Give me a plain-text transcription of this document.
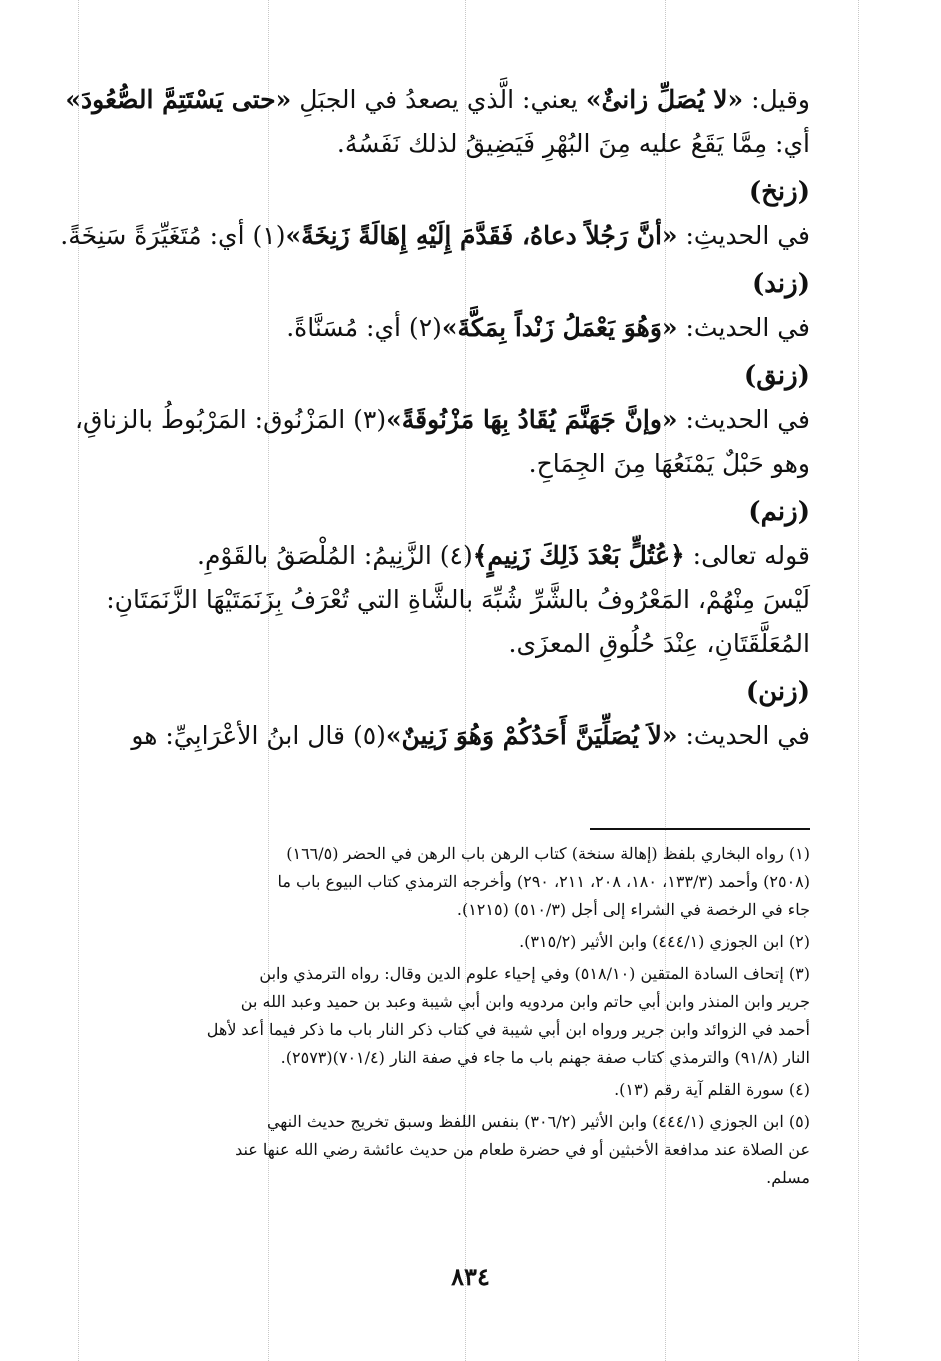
وقيل: «لا يُصَلِّ زانئٌ» يعني: الَّذي يصعدُ في الجبَلِ «حتى يَسْتَتِمَّ الصُّعُودَ»
أي: مِمَّا يَقَعُ عليه مِنَ البُهْرِ فَيَضِيقُ لذلك نَفَسُهُ.
(زنخ)
في الحديثِ: «أنَّ رَجُلاً دعاهُ، فَقَدَّمَ إِلَيْهِ إِهَالَةً زَنِخَةً»(١) أي: مُتَغَيِّرَةً سَنِخَةً.
(زند)
في الحديث: «وَهُوَ يَعْمَلُ زَنْداً بِمَكَّةَ»(٢) أي: مُسَنَّاةً.
(زنق)
في الحديث: «وإنَّ جَهَنَّمَ يُقَادُ بِهَا مَزْنُوقَةً»(٣) المَزْنُوق: المَرْبُوطُ بالزناقِ،
وهو حَبْلٌ يَمْنَعُهَا مِنَ الجِمَاحِ.
(زنم)
قوله تعالى: ﴿عُتُلٍّ بَعْدَ ذَلِكَ زَنِيمٍ﴾(٤) الزَّنِيمُ: المُلْصَقُ بالقَوْمِ.
لَيْسَ مِنْهُمْ، المَعْرُوفُ بالشَّرِّ شُبِّهَ بالشَّاةِ التي تُعْرَفُ بِزَنَمَتَيْهَا الزَّنَمَتَانِ:
المُعَلَّقَتَانِ، عِنْدَ حُلُوقِ المعزَى.
(زنن)
في الحديث: «لاَ يُصَلِّيَنَّ أَحَدُكُمْ وَهُوَ زَنِينٌ»(٥) قال ابنُ الأعْرَابِيِّ: هو
(١) رواه البخاري بلفظ (إهالة سنخة) كتاب الرهن باب الرهن في الحضر (١٦٦/٥)
(٢٥٠٨) وأحمد (١٣٣/٣، ١٨٠، ٢٠٨، ٢١١، ٢٩٠) وأخرجه الترمذي كتاب البيوع باب ما
جاء في الرخصة في الشراء إلى أجل (٥١٠/٣) (١٢١٥).
(٢) ابن الجوزي (٤٤٤/١) وابن الأثير (٣١٥/٢).
(٣) إتحاف السادة المتقين (٥١٨/١٠) وفي إحياء علوم الدين وقال: رواه الترمذي وابن
جرير وابن المنذر وابن أبي حاتم وابن مردويه وابن أبي شيبة وعبد بن حميد وعبد الله بن
أحمد في الزوائد وابن جرير ورواه ابن أبي شيبة في كتاب ذكر النار باب ما ذكر فيما أعد لأهل
النار (٩١/٨) والترمذي كتاب صفة جهنم باب ما جاء في صفة النار (٧٠١/٤)(٢٥٧٣).
(٤) سورة القلم آية رقم (١٣).
(٥) ابن الجوزي (٤٤٤/١) وابن الأثير (٣٠٦/٢) بنفس اللفظ وسبق تخريج حديث النهي
عن الصلاة عند مدافعة الأخبثين أو في حضرة طعام من حديث عائشة رضي الله عنها عند
مسلم.
٨٣٤
